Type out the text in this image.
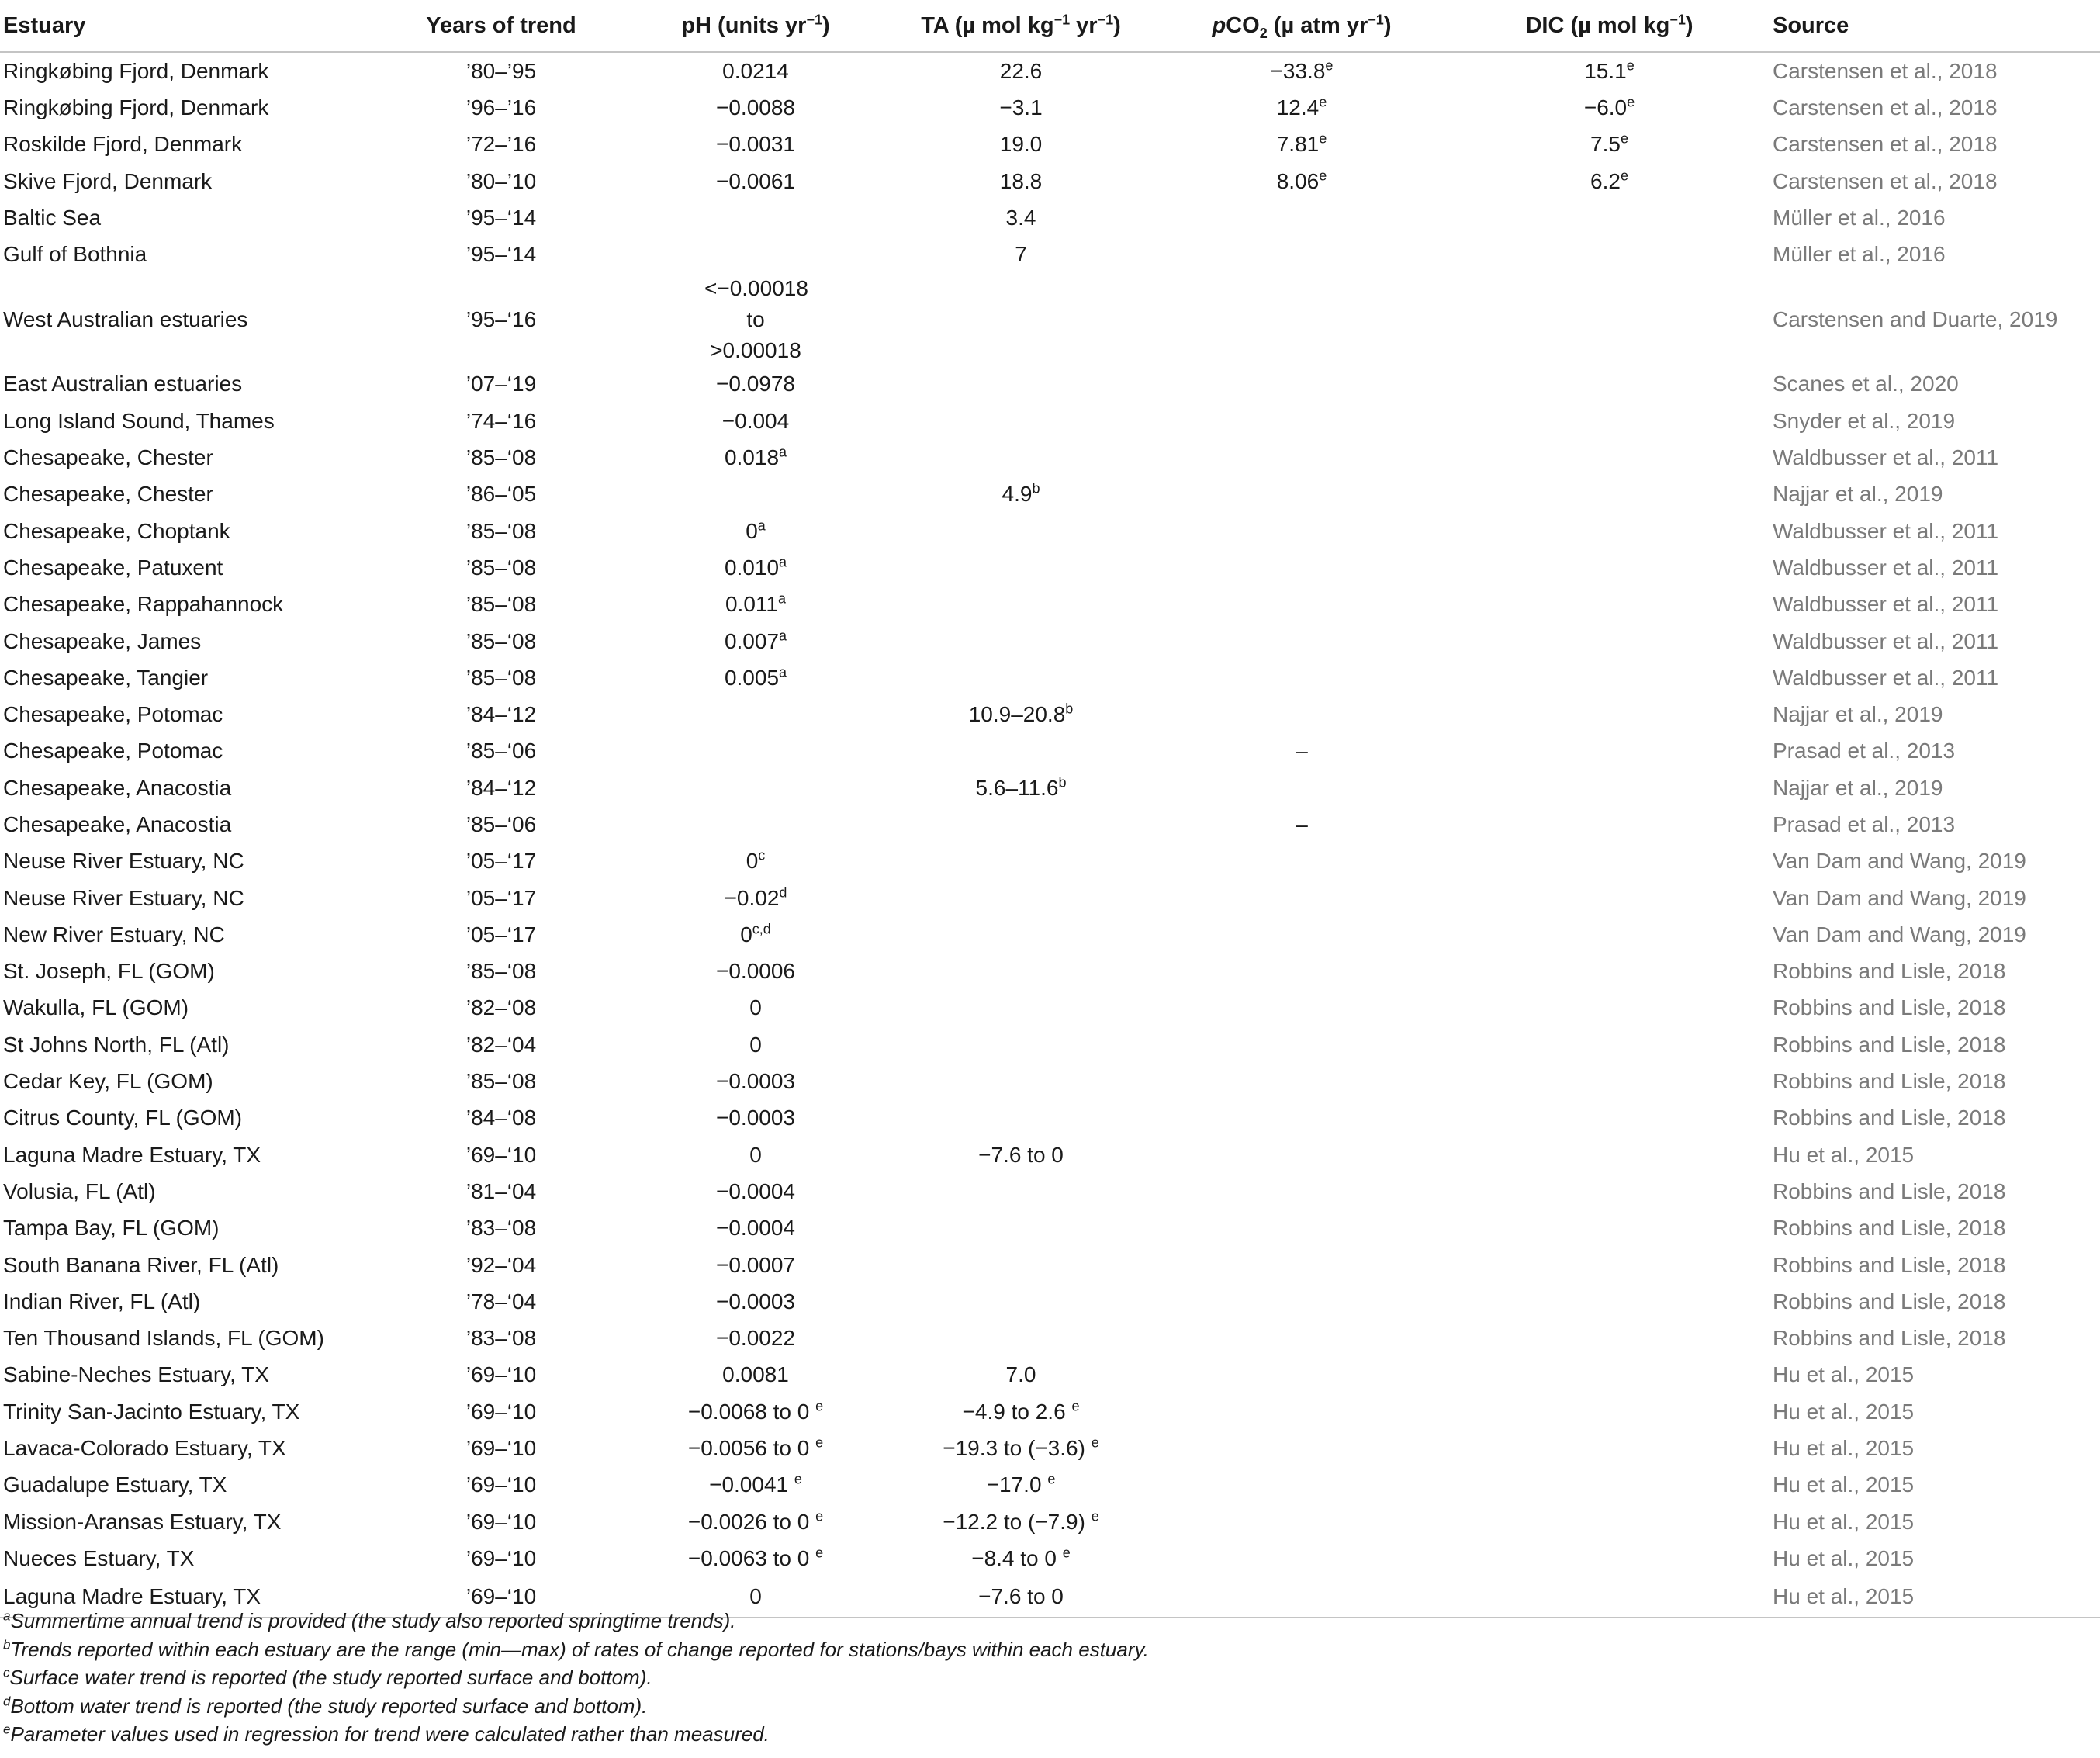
Estuary	Years of trend	pH (units $yr^{-1}$)	TA (µ mol $kg^{-1}$ $yr^{-1}$)	pCO$_2$ (µ atm $yr^{-1}$)	DIC (µ mol $kg^{-1}$)	Source
Ringkøbing Fjord, Denmark	’80–’95	0.0214	22.6	−33.8$^e$	15.1e	Carstensen et al., 2018
Ringkøbing Fjord, Denmark	’96–’16	−0.0088	−3.1	12.4$^e$	−6.0$^e$	Carstensen et al., 2018
Roskilde Fjord, Denmark	’72–’16	−0.0031	19.0	7.81e	7.5e	Carstensen et al., 2018
Skive Fjord, Denmark	’80–’10	−0.0061	18.8	8.06e	6.2e	Carstensen et al., 2018
Baltic Sea	’95–‘14		3.4			Müller et al., 2016
Gulf of Bothnia	’95–‘14		7			Müller et al., 2016
West Australian estuaries	’95–‘16	<−0.00018 to >0.00018				Carstensen and Duarte, 2019
East Australian estuaries	’07–‘19	−0.0978				Scanes et al., 2020
Long Island Sound, Thames	’74–‘16	−0.004				Snyder et al., 2019
Chesapeake, Chester	’85–‘08	0.018$^a$				Waldbusser et al., 2011
Chesapeake, Chester	’86–‘05		4.9$^b$			Najjar et al., 2019
Chesapeake, Choptank	’85–‘08	0$^a$				Waldbusser et al., 2011
Chesapeake, Patuxent	’85–‘08	0.010$^a$				Waldbusser et al., 2011
Chesapeake, Rappahannock	’85–‘08	0.011$^a$				Waldbusser et al., 2011
Chesapeake, James	’85–‘08	0.007$^a$				Waldbusser et al., 2011
Chesapeake, Tangier	’85–‘08	0.005$^a$				Waldbusser et al., 2011
Chesapeake, Potomac	’84–‘12		10.9–20.8$^b$			Najjar et al., 2019
Chesapeake, Potomac	’85–‘06			–		Prasad et al., 2013
Chesapeake, Anacostia	’84–‘12		5.6–11.6$^b$			Najjar et al., 2019
Chesapeake, Anacostia	’85–‘06			–		Prasad et al., 2013
Neuse River Estuary, NC	’05–‘17	0$^c$				Van Dam and Wang, 2019
Neuse River Estuary, NC	’05–‘17	−0.02$^d$				Van Dam and Wang, 2019
New River Estuary, NC	’05–‘17	0$^{c,d}$				Van Dam and Wang, 2019
St. Joseph, FL (GOM)	’85–‘08	−0.0006				Robbins and Lisle, 2018
Wakulla, FL (GOM)	’82–‘08	0				Robbins and Lisle, 2018
St Johns North, FL (Atl)	’82–‘04	0				Robbins and Lisle, 2018
Cedar Key, FL (GOM)	’85–‘08	−0.0003				Robbins and Lisle, 2018
Citrus County, FL (GOM)	’84–‘08	−0.0003				Robbins and Lisle, 2018
Laguna Madre Estuary, TX	’69–‘10	0	−7.6 to 0			Hu et al., 2015
Volusia, FL (Atl)	’81–‘04	−0.0004				Robbins and Lisle, 2018
Tampa Bay, FL (GOM)	’83–‘08	−0.0004				Robbins and Lisle, 2018
South Banana River, FL (Atl)	’92–‘04	−0.0007				Robbins and Lisle, 2018
Indian River, FL (Atl)	’78–‘04	−0.0003				Robbins and Lisle, 2018
Ten Thousand Islands, FL (GOM)	’83–‘08	−0.0022				Robbins and Lisle, 2018
Sabine-Neches Estuary, TX	’69–‘10	0.0081	7.0			Hu et al., 2015
Trinity San-Jacinto Estuary, TX	’69–‘10	−0.0068 to 0 $^e$	−4.9 to 2.6 $^e$			Hu et al., 2015
Lavaca-Colorado Estuary, TX	’69–‘10	−0.0056 to 0 $^e$	−19.3 to (−3.6) $^e$			Hu et al., 2015
Guadalupe Estuary, TX	’69–‘10	−0.0041 $^e$	−17.0 $^e$			Hu et al., 2015
Mission-Aransas Estuary, TX	’69–‘10	−0.0026 to 0 $^e$	−12.2 to (−7.9) $^e$			Hu et al., 2015
Nueces Estuary, TX	’69–‘10	−0.0063 to 0 $^e$	−8.4 to 0 $^e$			Hu et al., 2015
Laguna Madre Estuary, TX	’69–‘10	0	−7.6 to 0			Hu et al., 2015
$^a$Summertime annual trend is provided (the study also reported springtime trends).
$^b$Trends reported within each estuary are the range (min—max) of rates of change reported for stations/bays within each estuary.
$^c$Surface water trend is reported (the study reported surface and bottom).
$^d$Bottom water trend is reported (the study reported surface and bottom).
$^e$Parameter values used in regression for trend were calculated rather than measured.
